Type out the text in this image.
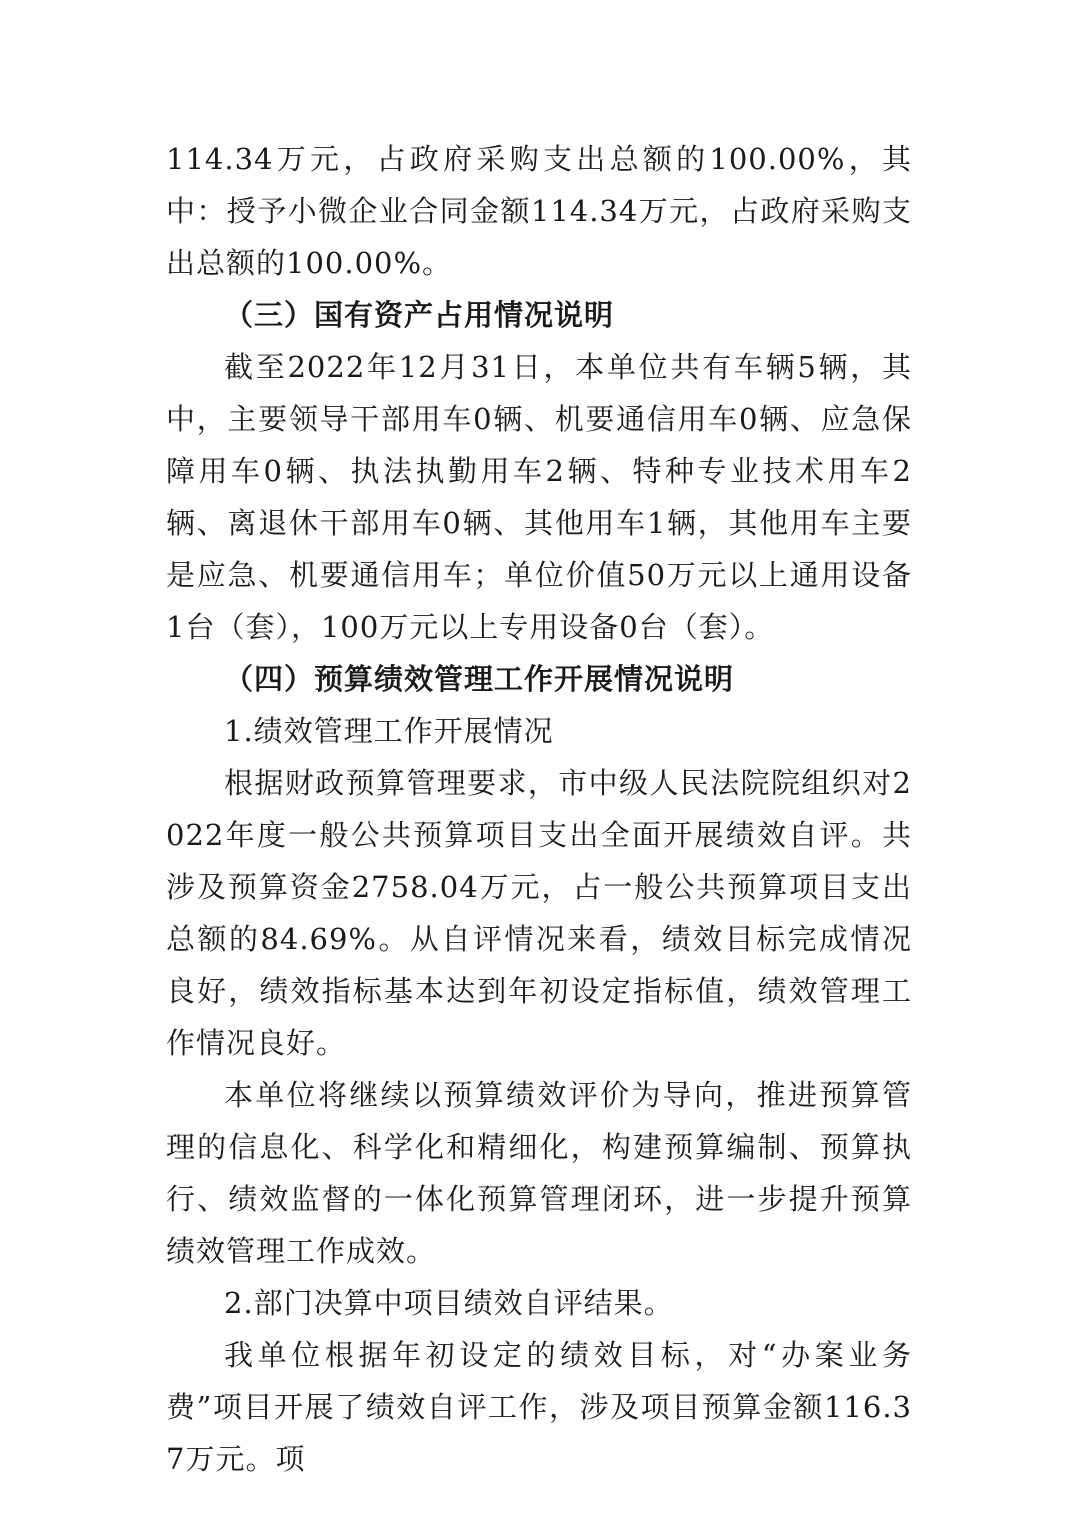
114.34万元，占政府采购支出总额的100.00%，其中：授予小微企业合同金额114.34万元，占政府采购支出总额的100.00%。

（三）国有资产占用情况说明

截至2022年12月31日，本单位共有车辆5辆，其中，主要领导干部用车0辆、机要通信用车0辆、应急保障用车0辆、执法执勤用车2辆、特种专业技术用车2辆、离退休干部用车0辆、其他用车1辆，其他用车主要是应急、机要通信用车；单位价值50万元以上通用设备1台（套），100万元以上专用设备0台（套）。

（四）预算绩效管理工作开展情况说明

1.绩效管理工作开展情况

根据财政预算管理要求，市中级人民法院院组织对2022年度一般公共预算项目支出全面开展绩效自评。共涉及预算资金2758.04万元，占一般公共预算项目支出总额的84.69%。从自评情况来看，绩效目标完成情况良好，绩效指标基本达到年初设定指标值，绩效管理工作情况良好。

本单位将继续以预算绩效评价为导向，推进预算管理的信息化、科学化和精细化，构建预算编制、预算执行、绩效监督的一体化预算管理闭环，进一步提升预算绩效管理工作成效。

2.部门决算中项目绩效自评结果。

我单位根据年初设定的绩效目标，对“办案业务费”项目开展了绩效自评工作，涉及项目预算金额116.37万元。项
